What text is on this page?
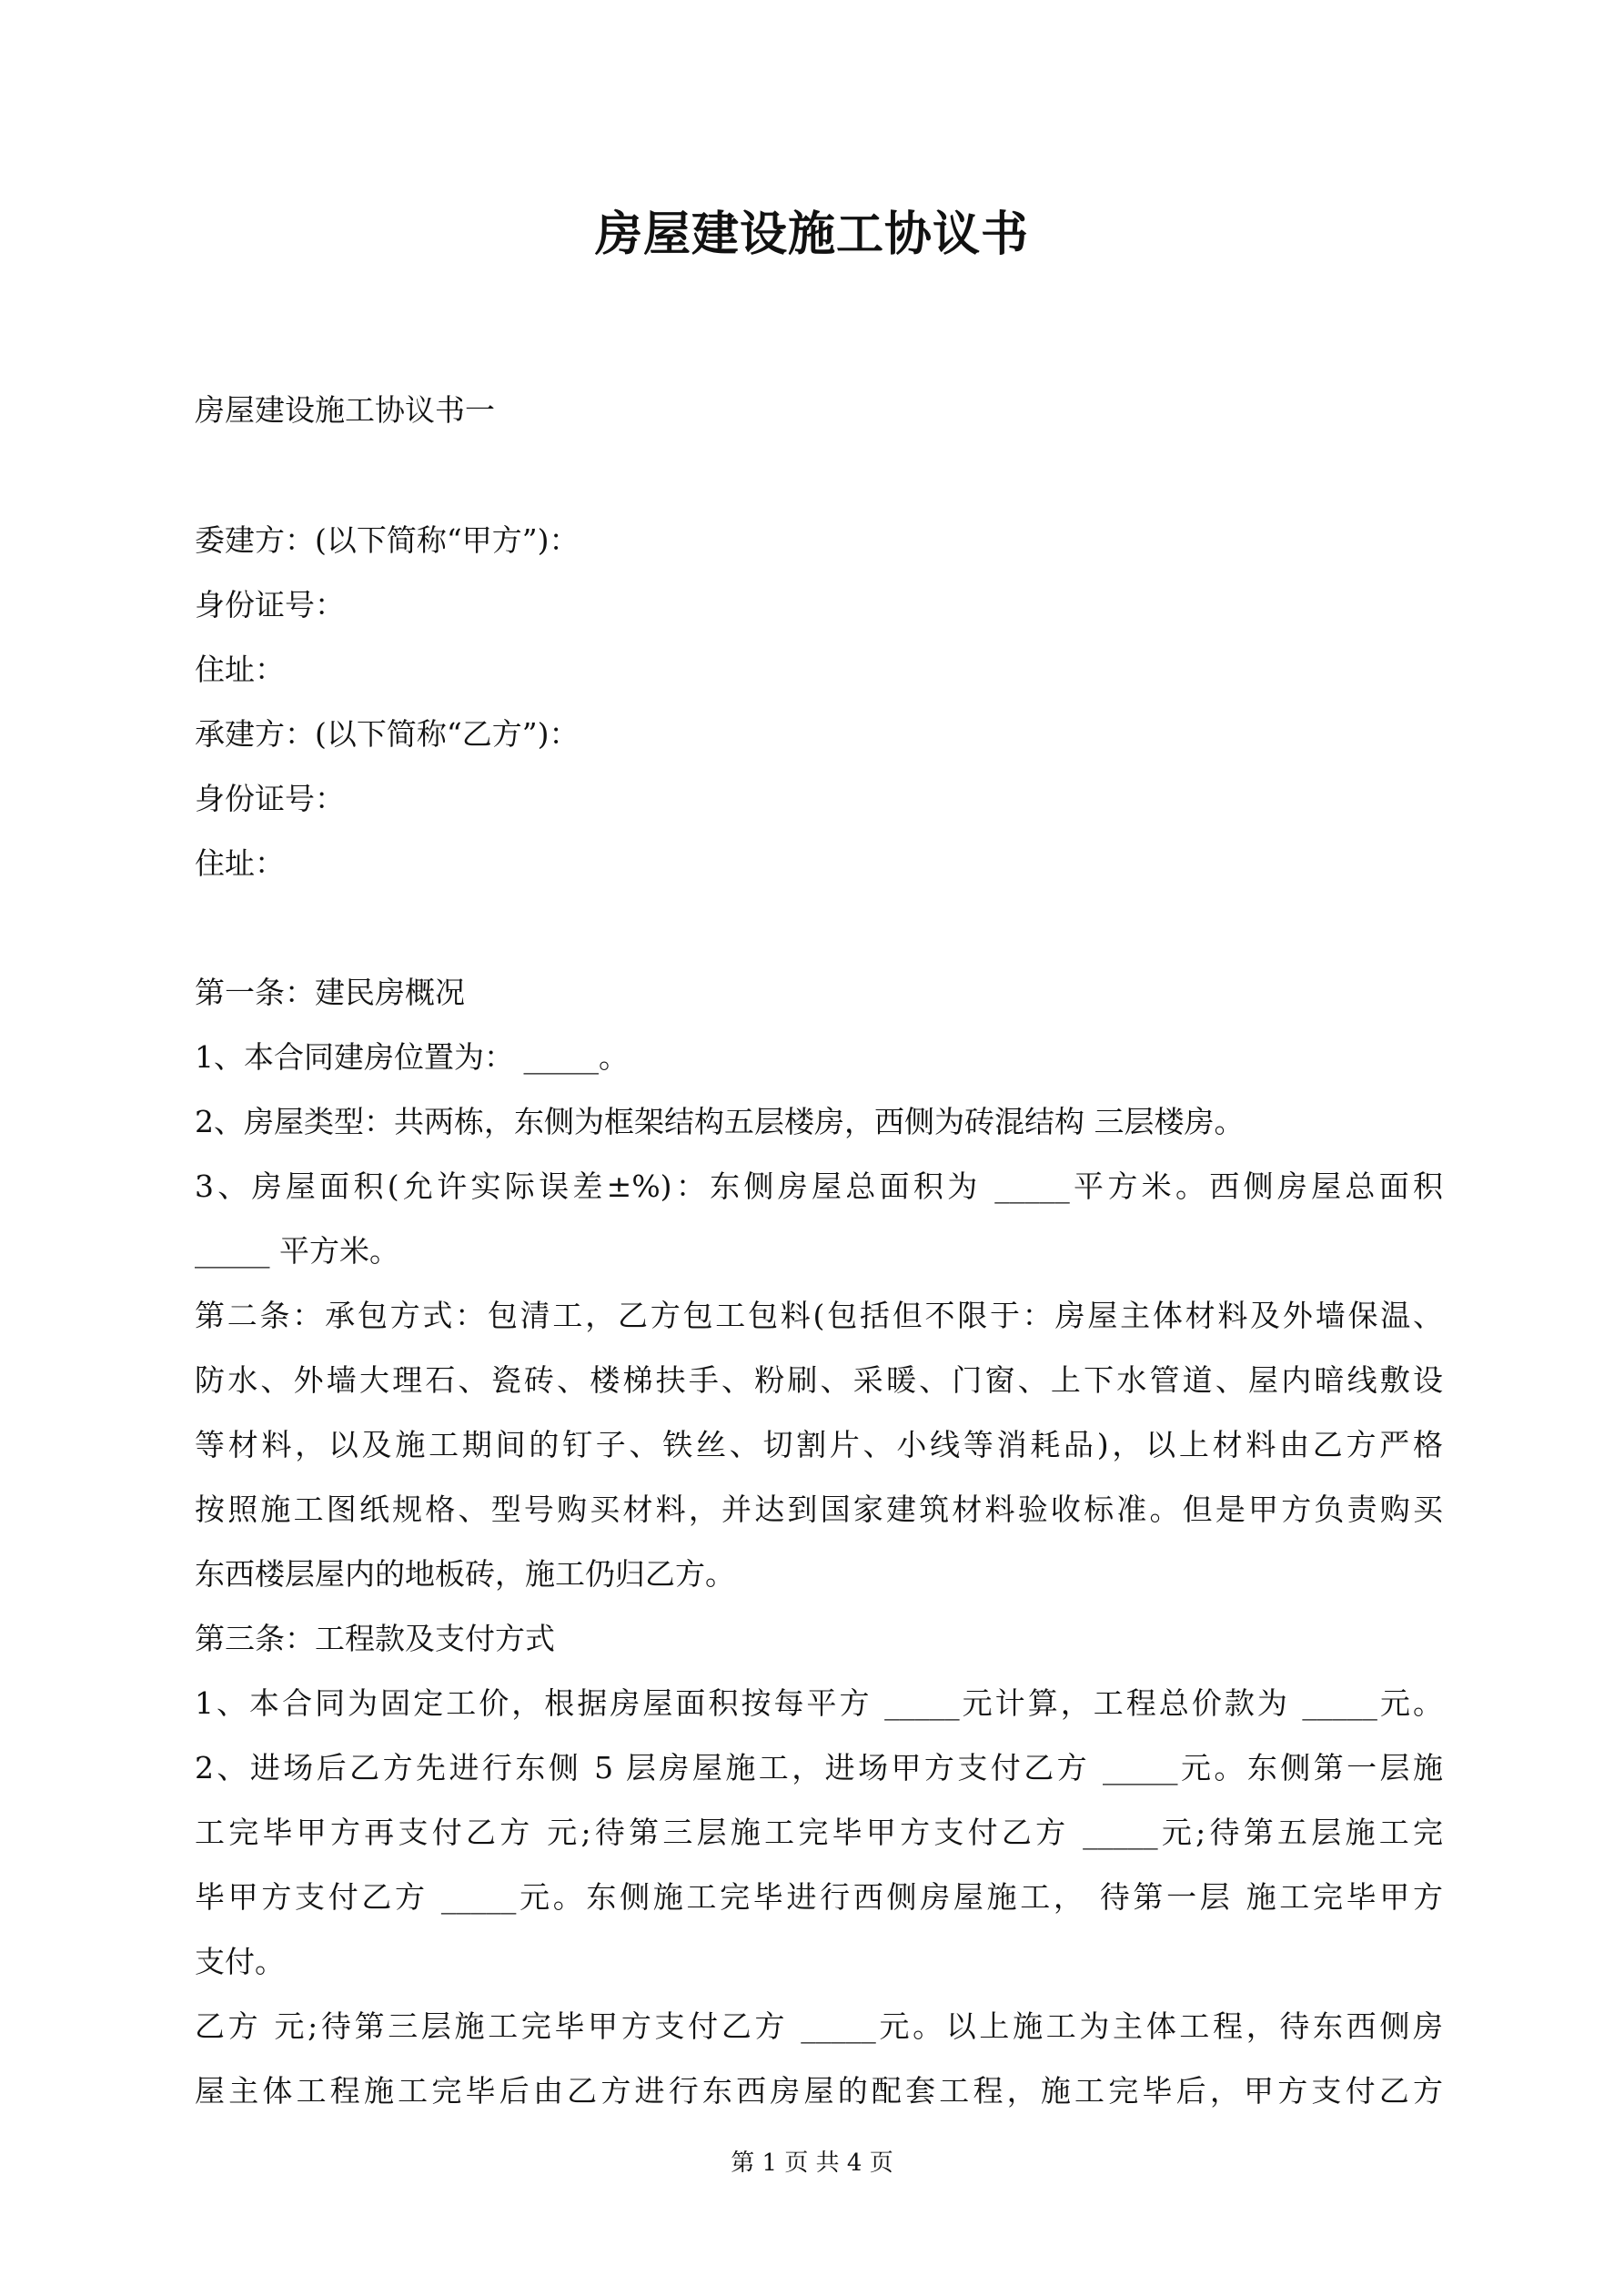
房屋建设施工协议书

房屋建设施工协议书一

委建方：(以下简称“甲方”)：

身份证号：

住址：

承建方：(以下简称“乙方”)：

身份证号：

住址：

第一条：建民房概况

1、本合同建房位置为： _____。

2、房屋类型：共两栋，东侧为框架结构五层楼房，西侧为砖混结构 三层楼房。

3、房屋面积(允许实际误差±%)：东侧房屋总面积为 _____平方米。西侧房屋总面积

_____ 平方米。

第二条：承包方式：包清工，乙方包工包料(包括但不限于：房屋主体材料及外墙保温、

防水、外墙大理石、瓷砖、楼梯扶手、粉刷、采暖、门窗、上下水管道、屋内暗线敷设

等材料，以及施工期间的钉子、铁丝、切割片、小线等消耗品)，以上材料由乙方严格

按照施工图纸规格、型号购买材料，并达到国家建筑材料验收标准。但是甲方负责购买

东西楼层屋内的地板砖，施工仍归乙方。

第三条：工程款及支付方式

1、本合同为固定工价，根据房屋面积按每平方 _____元计算，工程总价款为 _____元。

2、进场后乙方先进行东侧 5 层房屋施工，进场甲方支付乙方 _____元。东侧第一层施

工完毕甲方再支付乙方 元;待第三层施工完毕甲方支付乙方 _____元;待第五层施工完

毕甲方支付乙方 _____元。东侧施工完毕进行西侧房屋施工， 待第一层 施工完毕甲方

支付。

乙方 元;待第三层施工完毕甲方支付乙方 _____元。以上施工为主体工程，待东西侧房

屋主体工程施工完毕后由乙方进行东西房屋的配套工程，施工完毕后，甲方支付乙方

第 1 页 共 4 页
